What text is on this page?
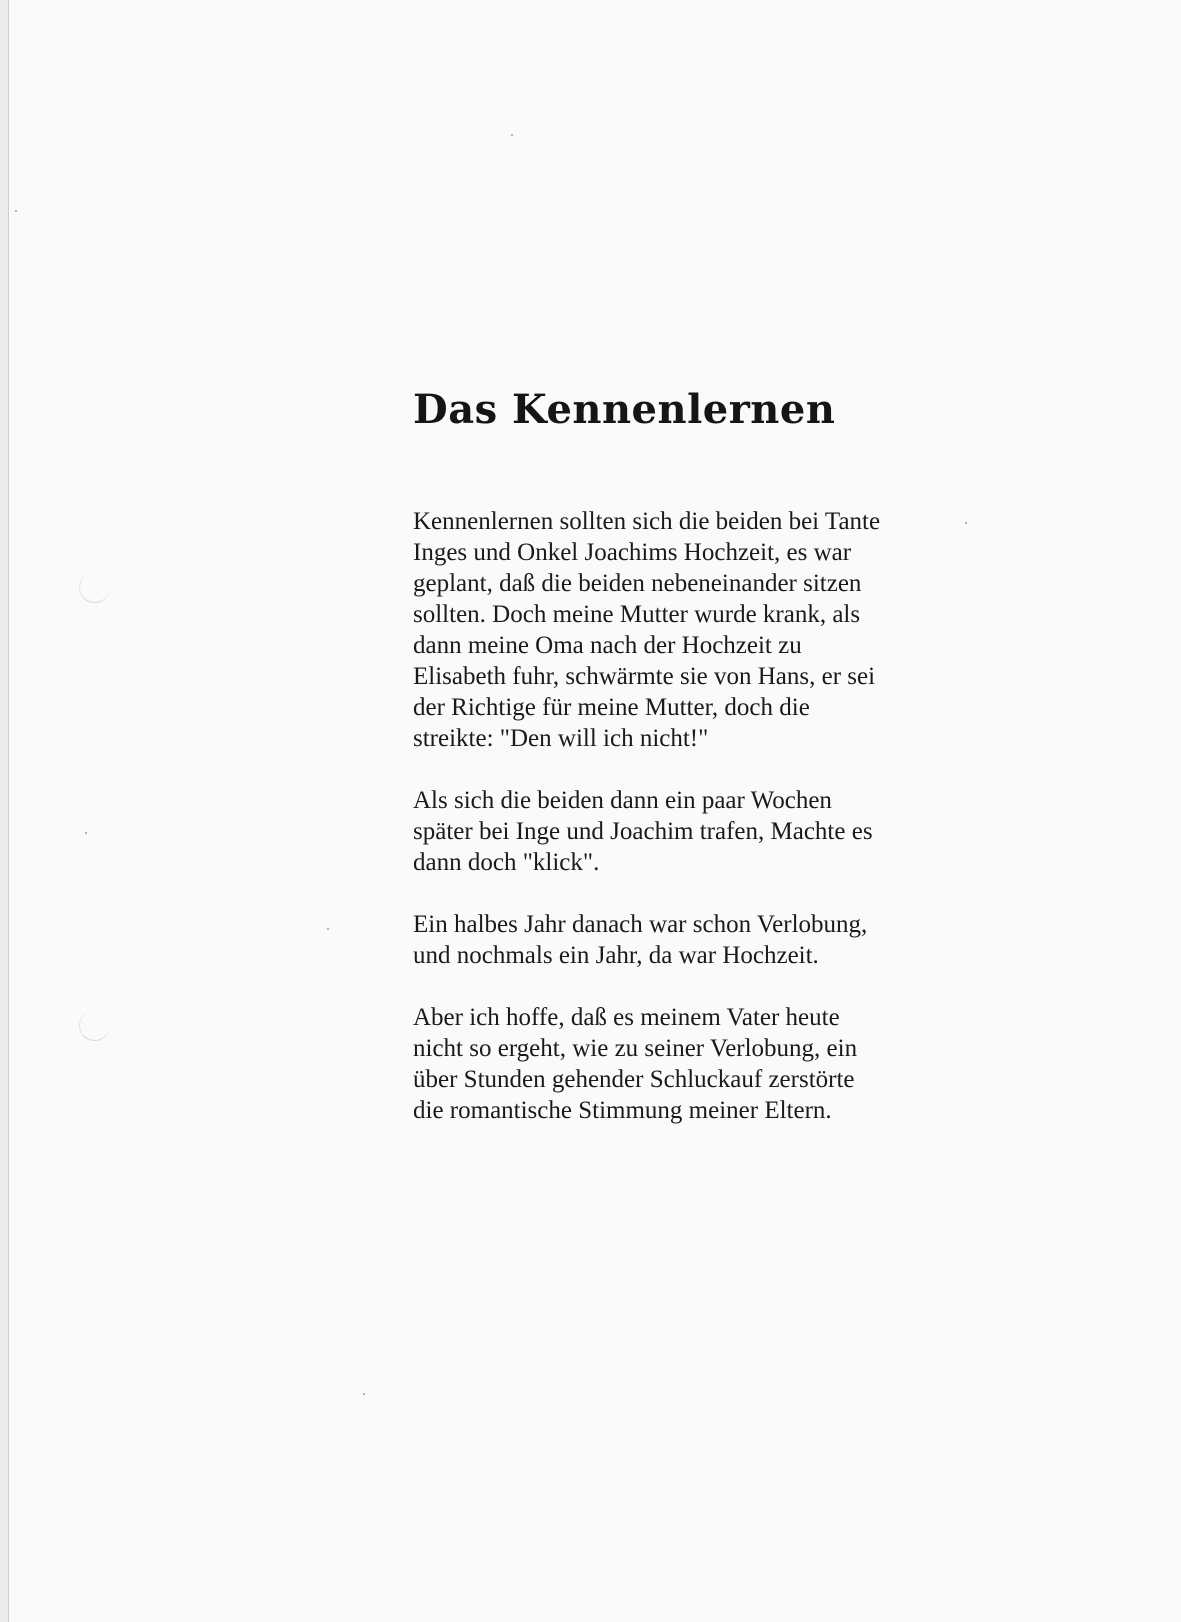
Das Kennenlernen

Kennenlernen sollten sich die beiden bei Tante
Inges und Onkel Joachims Hochzeit, es war
geplant, daß die beiden nebeneinander sitzen
sollten. Doch meine Mutter wurde krank, als
dann meine Oma nach der Hochzeit zu
Elisabeth fuhr, schwärmte sie von Hans, er sei
der Richtige für meine Mutter, doch die
streikte: "Den will ich nicht!"

Als sich die beiden dann ein paar Wochen
später bei Inge und Joachim trafen, Machte es
dann doch "klick".

Ein halbes Jahr danach war schon Verlobung,
und nochmals ein Jahr, da war Hochzeit.

Aber ich hoffe, daß es meinem Vater heute
nicht so ergeht, wie zu seiner Verlobung, ein
über Stunden gehender Schluckauf zerstörte
die romantische Stimmung meiner Eltern.
